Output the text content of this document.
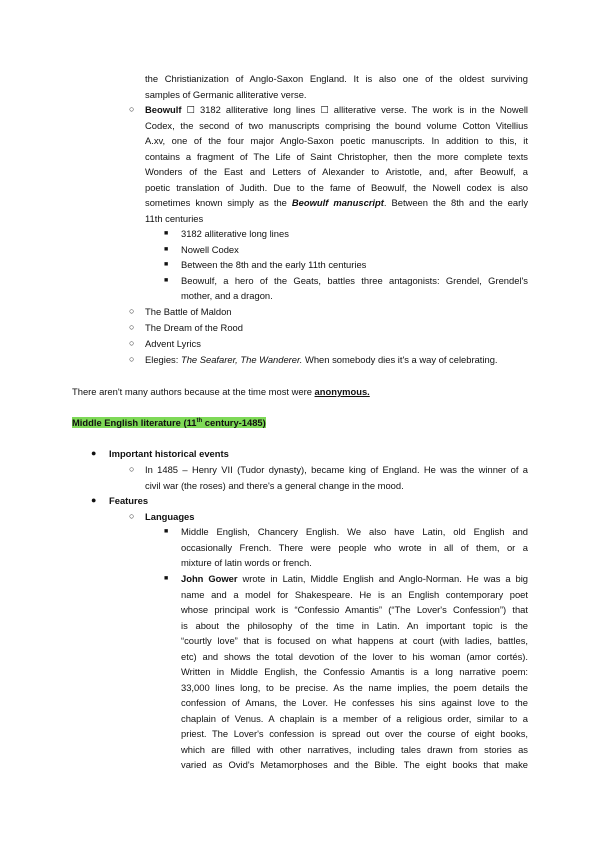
the Christianization of Anglo-Saxon England. It is also one of the oldest surviving
samples of Germanic alliterative verse.
○ Beowulf ☐ 3182 alliterative long lines ☐ alliterative verse. The work is in the Nowell
Codex, the second of two manuscripts comprising the bound volume Cotton Vitellius
A.xv, one of the four major Anglo-Saxon poetic manuscripts. In addition to this, it
contains a fragment of The Life of Saint Christopher, then the more complete texts
Wonders of the East and Letters of Alexander to Aristotle, and, after Beowulf, a
poetic translation of Judith. Due to the fame of Beowulf, the Nowell codex is also
sometimes known simply as the Beowulf manuscript. Between the 8th and the early
11th centuries
■ 3182 alliterative long lines
■ Nowell Codex
■ Between the 8th and the early 11th centuries
■ Beowulf, a hero of the Geats, battles three antagonists: Grendel, Grendel's
mother, and a dragon.
○ The Battle of Maldon
○ The Dream of the Rood
○ Advent Lyrics
○ Elegies: The Seafarer, The Wanderer. When somebody dies it's a way of celebrating.
There aren't many authors because at the time most were anonymous.
Middle English literature (11th century-1485)
● Important historical events
○ In 1485 – Henry VII (Tudor dynasty), became king of England. He was the winner of a
civil war (the roses) and there's a general change in the mood.
● Features
○ Languages
■ Middle English, Chancery English. We also have Latin, old English and
occasionally French. There were people who wrote in all of them, or a
mixture of latin words or french.
■ John Gower wrote in Latin, Middle English and Anglo-Norman. He was a big
name and a model for Shakespeare. He is an English contemporary poet
whose principal work is “Confessio Amantis” (“The Lover's Confession”) that
is about the philosophy of the time in Latin. An important topic is the
“courtly love” that is focused on what happens at court (with ladies, battles,
etc) and shows the total devotion of the lover to his woman (amor cortés).
Written in Middle English, the Confessio Amantis is a long narrative poem:
33,000 lines long, to be precise. As the name implies, the poem details the
confession of Amans, the Lover. He confesses his sins against love to the
chaplain of Venus. A chaplain is a member of a religious order, similar to a
priest. The Lover's confession is spread out over the course of eight books,
which are filled with other narratives, including tales drawn from stories as
varied as Ovid's Metamorphoses and the Bible. The eight books that make
